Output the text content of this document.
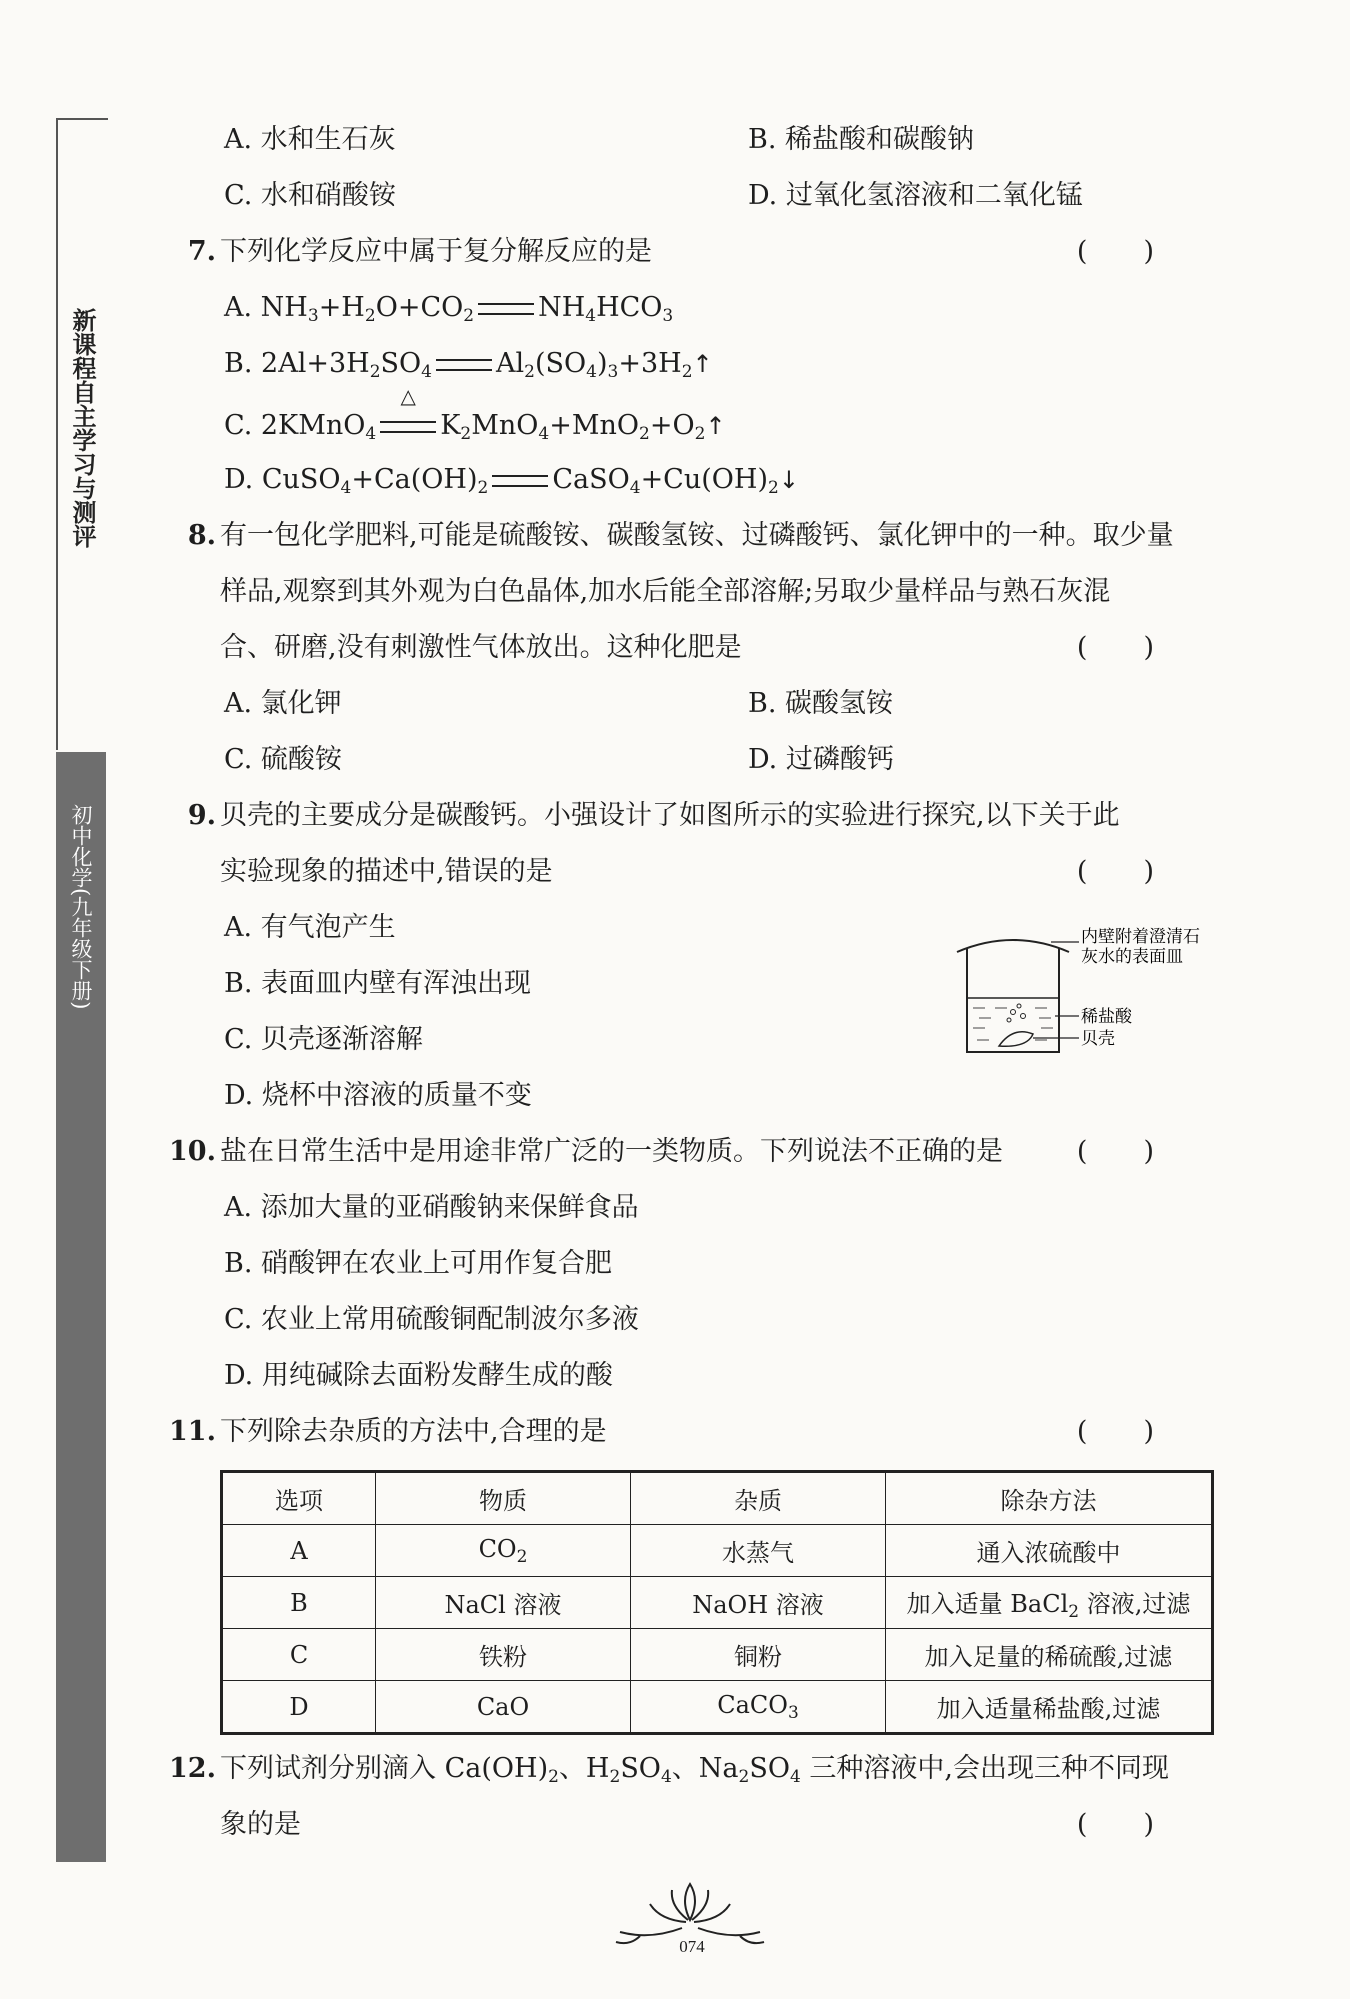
新课程自主学习与测评
初中化学(九年级下册)
A. 水和生石灰	B. 稀盐酸和碳酸钠
C. 水和硝酸铵	D. 过氧化氢溶液和二氧化锰
7. 下列化学反应中属于复分解反应的是	()
A. $NH_3+H_2O+CO_2$ $NH_4HCO_3$
B. $2Al+3H_2SO_4$ $Al_2(SO_4)_3+3H_2↑$
C. 2KMnO$_4$
△
$K_2MnO_4+MnO_2+O_2↑$
D. $CuSO_4+Ca(OH)_2$ $CaSO_4+Cu(OH)_2↓$
8. 有一包化学肥料,可能是硫酸铵、碳酸氢铵、过磷酸钙、氯化钾中的一种。取少量
样品,观察到其外观为白色晶体,加水后能全部溶解;另取少量样品与熟石灰混
合、研磨,没有刺激性气体放出。这种化肥是	()
A. 氯化钾	B. 碳酸氢铵
C. 硫酸铵	D. 过磷酸钙
9. 贝壳的主要成分是碳酸钙。小强设计了如图所示的实验进行探究,以下关于此
实验现象的描述中,错误的是	()
A. 有气泡产生
B. 表面皿内壁有浑浊出现
C. 贝壳逐渐溶解
D. 烧杯中溶液的质量不变
10. 盐在日常生活中是用途非常广泛的一类物质。下列说法不正确的是	()
A. 添加大量的亚硝酸钠来保鲜食品
B. 硝酸钾在农业上可用作复合肥
C. 农业上常用硫酸铜配制波尔多液
D. 用纯碱除去面粉发酵生成的酸
11. 下列除去杂质的方法中,合理的是	()
选项	物质	杂质	除杂方法
A	$CO_2$	水蒸气	通入浓硫酸中
B	NaCl 溶液	NaOH 溶液	加入适量 BaCl$_2$ 溶液,过滤
C	铁粉	铜粉	加入足量的稀硫酸,过滤
D	CaO	CaCO$_3$	加入适量稀盐酸,过滤
12. 下列试剂分别滴入 $Ca(OH)_2$、$H_2SO_4$、$Na_2SO_4$ 三种溶液中,会出现三种不同现
象的是	()
内壁附着澄清石
灰水的表面皿
稀盐酸
贝壳
074
